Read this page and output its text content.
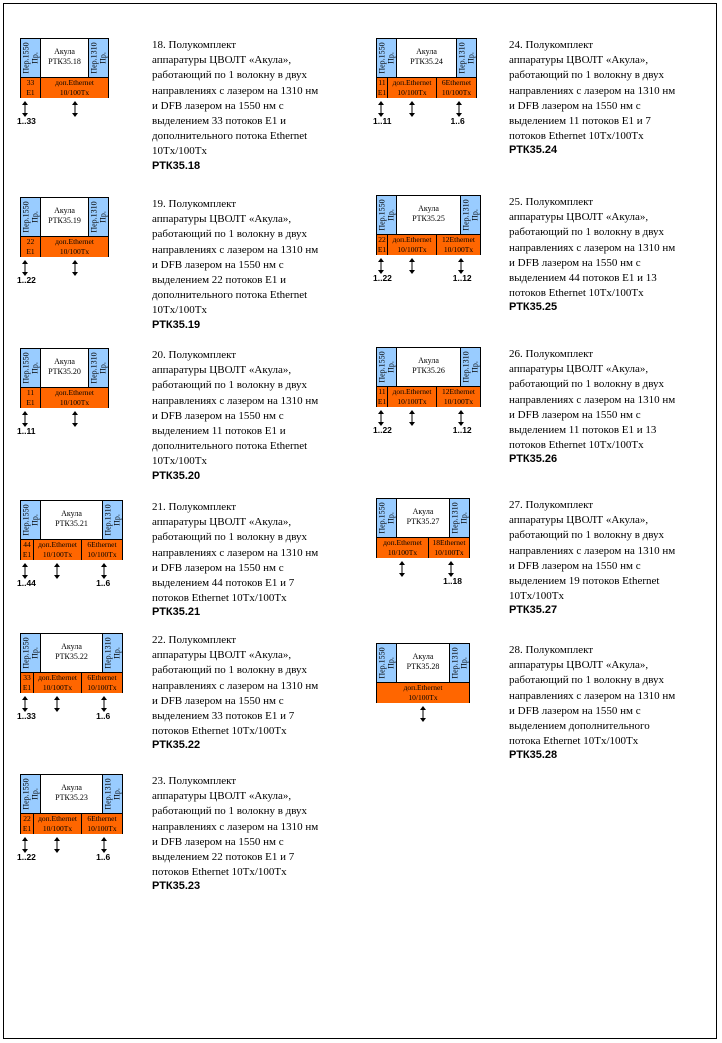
1..33
Пер.1550
Пр.
Акула
РТК35.18	Пер.1310
Пр.
33
E1
доп.Ethernet
10/100Tx
18. Полукомплект
аппаратуры ЦВОЛТ «Акула»,
работающий по 1 волокну в двух
направлениях с лазером на 1310 нм
и DFB лазером на 1550 нм с
выделением 33 потоков E1 и
дополнительного потока Ethernet
10Tx/100Tx
РТК35.18
1..22
Пер.1550
Пр.
Акула
РТК35.19	Пер.1310
Пр.
22
E1
доп.Ethernet
10/100Tx
19. Полукомплект
аппаратуры ЦВОЛТ «Акула»,
работающий по 1 волокну в двух
направлениях с лазером на 1310 нм
и DFB лазером на 1550 нм с
выделением 22 потоков E1 и
дополнительного потока Ethernet
10Tx/100Tx
РТК35.19
1..11
Пер.1550
Пр.
Акула
РТК35.20	Пер.1310
Пр.
11
E1
доп.Ethernet
10/100Tx
20. Полукомплект
аппаратуры ЦВОЛТ «Акула»,
работающий по 1 волокну в двух
направлениях с лазером на 1310 нм
и DFB лазером на 1550 нм с
выделением 11 потоков E1 и
дополнительного потока Ethernet
10Tx/100Tx
РТК35.20
1..44	1..6
Пер.1550
Пр.
Акула
РТК35.21	Пер.1310
Пр.
44
E1
доп.Ethernet
10/100Tx
6Ethernet
10/100Tx
21. Полукомплект
аппаратуры ЦВОЛТ «Акула»,
работающий по 1 волокну в двух
направлениях с лазером на 1310 нм
и DFB лазером на 1550 нм с
выделением 44 потоков E1 и 7
потоков Ethernet 10Tx/100Tx
РТК35.21
1..33	1..6
Пер.1550
Пр.
Акула
РТК35.22	Пер.1310
Пр.
33
E1
доп.Ethernet
10/100Tx
6Ethernet
10/100Tx
22. Полукомплект
аппаратуры ЦВОЛТ «Акула»,
работающий по 1 волокну в двух
направлениях с лазером на 1310 нм
и DFB лазером на 1550 нм с
выделением 33 потоков E1 и 7
потоков Ethernet 10Tx/100Tx
РТК35.22
1..22	1..6
Пер.1550
Пр.
Акула
РТК35.23	Пер.1310
Пр.
22
E1
доп.Ethernet
10/100Tx
6Ethernet
10/100Tx
23. Полукомплект
аппаратуры ЦВОЛТ «Акула»,
работающий по 1 волокну в двух
направлениях с лазером на 1310 нм
и DFB лазером на 1550 нм с
выделением 22 потоков E1 и 7
потоков Ethernet 10Tx/100Tx
РТК35.23
1..11	1..6
Пер.1550
Пр.
Акула
РТК35.24	Пер.1310
Пр.
11
E1
доп.Ethernet
10/100Tx
6Ethernet
10/100Tx
24. Полукомплект
аппаратуры ЦВОЛТ «Акула»,
работающий по 1 волокну в двух
направлениях с лазером на 1310 нм
и DFB лазером на 1550 нм с
выделением 11 потоков E1 и 7
потоков Ethernet 10Tx/100Tx
РТК35.24
1..22	1..12
Пер.1550
Пр.
Акула
РТК35.25	Пер.1310
Пр.
22
E1
доп.Ethernet
10/100Tx
12Ethernet
10/100Tx
25. Полукомплект
аппаратуры ЦВОЛТ «Акула»,
работающий по 1 волокну в двух
направлениях с лазером на 1310 нм
и DFB лазером на 1550 нм с
выделением 44 потоков E1 и 13
потоков Ethernet 10Tx/100Tx
РТК35.25
1..22	1..12
Пер.1550
Пр.
Акула
РТК35.26	Пер.1310
Пр.
11
E1
доп.Ethernet
10/100Tx
12Ethernet
10/100Tx
26. Полукомплект
аппаратуры ЦВОЛТ «Акула»,
работающий по 1 волокну в двух
направлениях с лазером на 1310 нм
и DFB лазером на 1550 нм с
выделением 11 потоков E1 и 13
потоков Ethernet 10Tx/100Tx
РТК35.26
1..18
Пер.1550
Пр.
Акула
РТК35.27	Пер.1310
Пр.
доп.Ethernet
10/100Tx
18Ethernet
10/100Tx
27. Полукомплект
аппаратуры ЦВОЛТ «Акула»,
работающий по 1 волокну в двух
направлениях с лазером на 1310 нм
и DFB лазером на 1550 нм с
выделением 19 потоков Ethernet
10Tx/100Tx
РТК35.27
Пер.1550
Пр.
Акула
РТК35.28	Пер.1310
Пр.
доп.Ethernet
10/100Tx
28. Полукомплект
аппаратуры ЦВОЛТ «Акула»,
работающий по 1 волокну в двух
направлениях с лазером на 1310 нм
и DFB лазером на 1550 нм с
выделением дополнительного
потока Ethernet 10Tx/100Tx
РТК35.28
